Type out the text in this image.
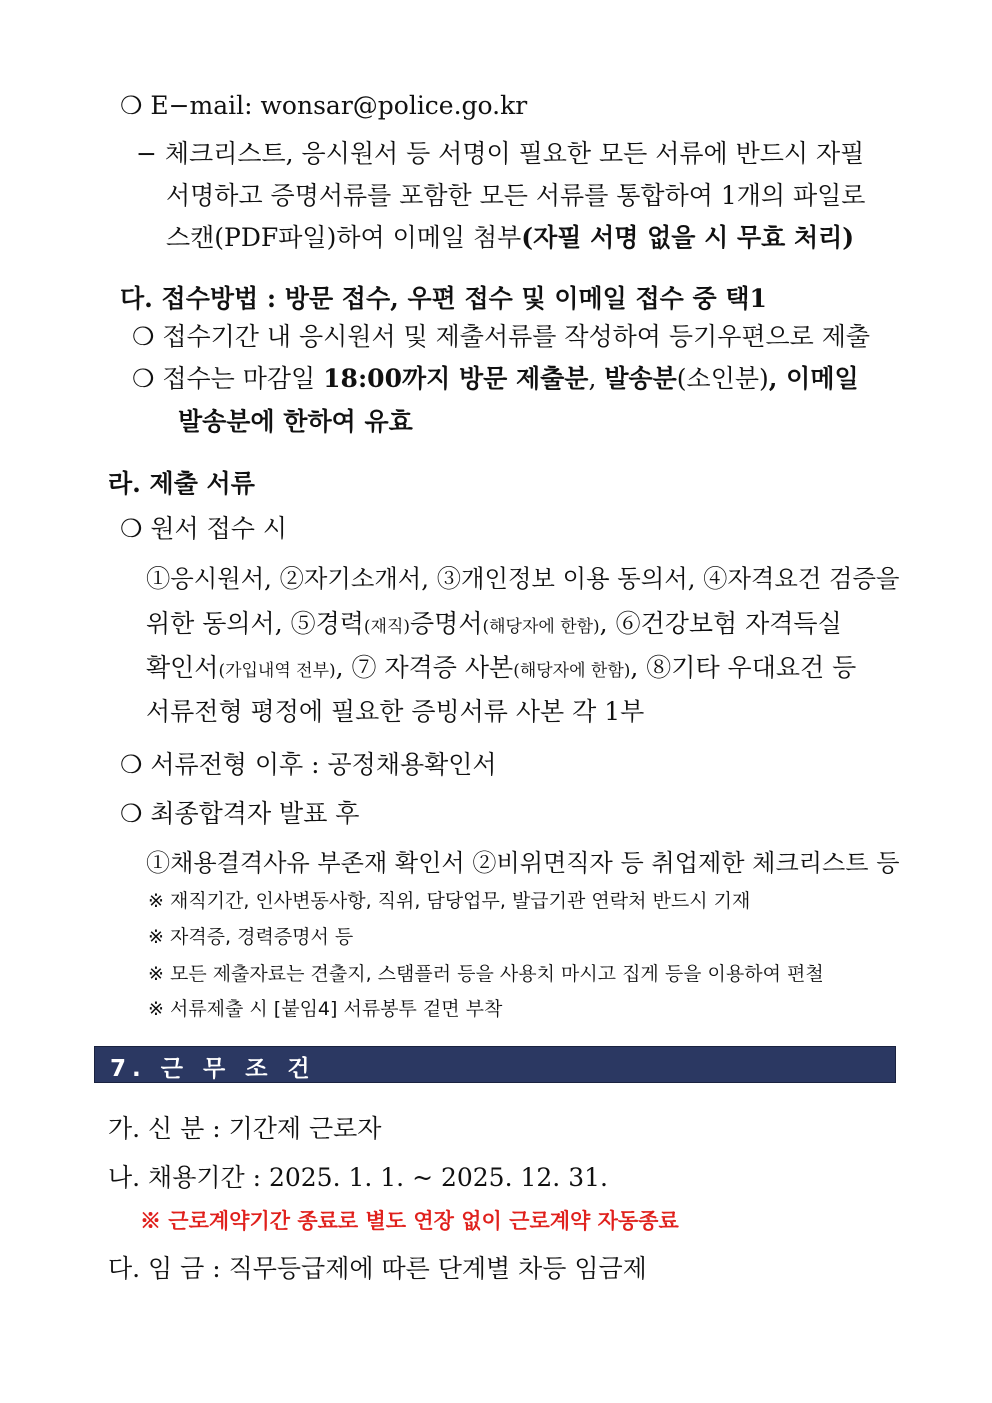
❍ E−mail: wonsar@police.go.kr
− 체크리스트, 응시원서 등 서명이 필요한 모든 서류에 반드시 자필
서명하고 증명서류를 포함한 모든 서류를 통합하여 1개의 파일로
스캔(PDF파일)하여 이메일 첨부(자필 서명 없을 시 무효 처리)
다. 접수방법 : 방문 접수, 우편 접수 및 이메일 접수 중 택1
❍ 접수기간 내 응시원서 및 제출서류를 작성하여 등기우편으로 제출
❍ 접수는 마감일 18:00까지 방문 제출분, 발송분(소인분), 이메일
발송분에 한하여 유효
라. 제출 서류
❍ 원서 접수 시
①응시원서, ②자기소개서, ③개인정보 이용 동의서, ④자격요건 검증을
위한 동의서, ⑤경력(재직)증명서(해당자에 한함), ⑥건강보험 자격득실
확인서(가입내역 전부), ⑦ 자격증 사본(해당자에 한함), ⑧기타 우대요건 등
서류전형 평정에 필요한 증빙서류 사본 각 1부
❍ 서류전형 이후 : 공정채용확인서
❍ 최종합격자 발표 후
①채용결격사유 부존재 확인서 ②비위면직자 등 취업제한 체크리스트 등
※ 재직기간, 인사변동사항, 직위, 담당업무, 발급기관 연락처 반드시 기재
※ 자격증, 경력증명서 등
※ 모든 제출자료는 견출지, 스탬플러 등을 사용치 마시고 집게 등을 이용하여 편철
※ 서류제출 시 [붙임4] 서류봉투 겉면 부착
7. 근 무 조 건
가. 신 분 : 기간제 근로자
나. 채용기간 : 2025. 1. 1. ~ 2025. 12. 31.
※ 근로계약기간 종료로 별도 연장 없이 근로계약 자동종료
다. 임 금 : 직무등급제에 따른 단계별 차등 임금제
